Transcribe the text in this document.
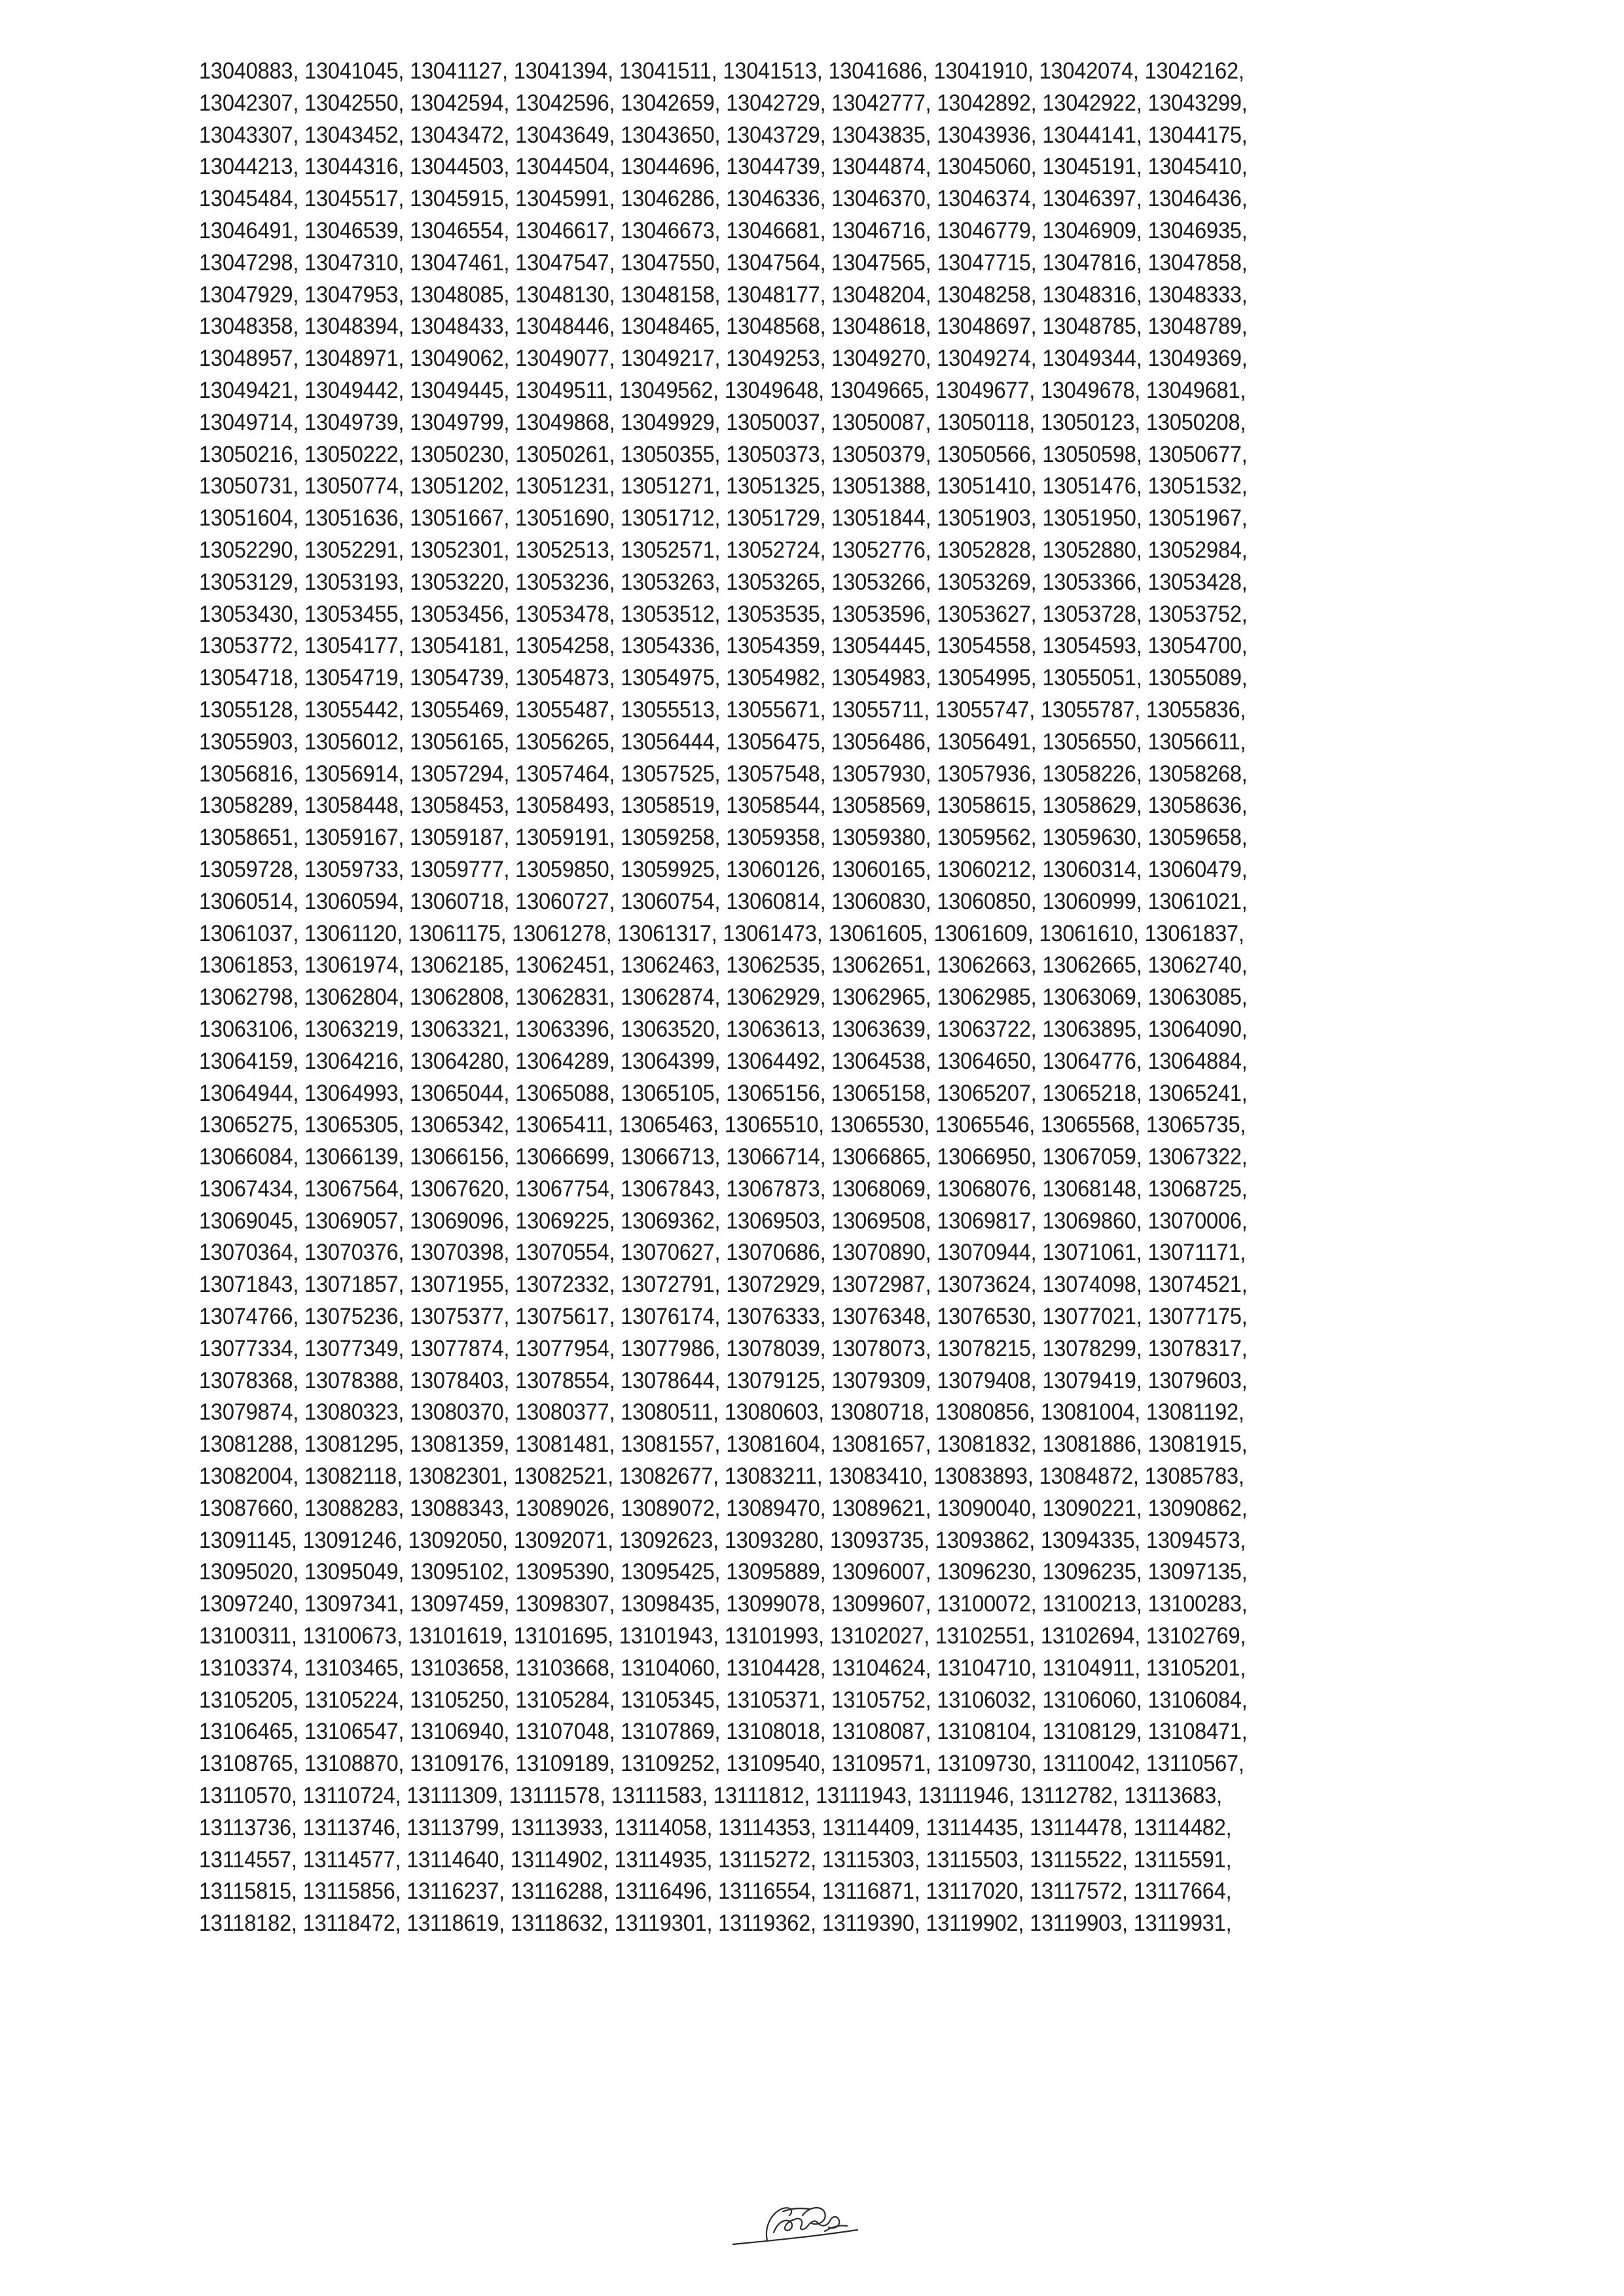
13040883, 13041045, 13041127, 13041394, 13041511, 13041513, 13041686, 13041910, 13042074, 13042162,
13042307, 13042550, 13042594, 13042596, 13042659, 13042729, 13042777, 13042892, 13042922, 13043299,
13043307, 13043452, 13043472, 13043649, 13043650, 13043729, 13043835, 13043936, 13044141, 13044175,
13044213, 13044316, 13044503, 13044504, 13044696, 13044739, 13044874, 13045060, 13045191, 13045410,
13045484, 13045517, 13045915, 13045991, 13046286, 13046336, 13046370, 13046374, 13046397, 13046436,
13046491, 13046539, 13046554, 13046617, 13046673, 13046681, 13046716, 13046779, 13046909, 13046935,
13047298, 13047310, 13047461, 13047547, 13047550, 13047564, 13047565, 13047715, 13047816, 13047858,
13047929, 13047953, 13048085, 13048130, 13048158, 13048177, 13048204, 13048258, 13048316, 13048333,
13048358, 13048394, 13048433, 13048446, 13048465, 13048568, 13048618, 13048697, 13048785, 13048789,
13048957, 13048971, 13049062, 13049077, 13049217, 13049253, 13049270, 13049274, 13049344, 13049369,
13049421, 13049442, 13049445, 13049511, 13049562, 13049648, 13049665, 13049677, 13049678, 13049681,
13049714, 13049739, 13049799, 13049868, 13049929, 13050037, 13050087, 13050118, 13050123, 13050208,
13050216, 13050222, 13050230, 13050261, 13050355, 13050373, 13050379, 13050566, 13050598, 13050677,
13050731, 13050774, 13051202, 13051231, 13051271, 13051325, 13051388, 13051410, 13051476, 13051532,
13051604, 13051636, 13051667, 13051690, 13051712, 13051729, 13051844, 13051903, 13051950, 13051967,
13052290, 13052291, 13052301, 13052513, 13052571, 13052724, 13052776, 13052828, 13052880, 13052984,
13053129, 13053193, 13053220, 13053236, 13053263, 13053265, 13053266, 13053269, 13053366, 13053428,
13053430, 13053455, 13053456, 13053478, 13053512, 13053535, 13053596, 13053627, 13053728, 13053752,
13053772, 13054177, 13054181, 13054258, 13054336, 13054359, 13054445, 13054558, 13054593, 13054700,
13054718, 13054719, 13054739, 13054873, 13054975, 13054982, 13054983, 13054995, 13055051, 13055089,
13055128, 13055442, 13055469, 13055487, 13055513, 13055671, 13055711, 13055747, 13055787, 13055836,
13055903, 13056012, 13056165, 13056265, 13056444, 13056475, 13056486, 13056491, 13056550, 13056611,
13056816, 13056914, 13057294, 13057464, 13057525, 13057548, 13057930, 13057936, 13058226, 13058268,
13058289, 13058448, 13058453, 13058493, 13058519, 13058544, 13058569, 13058615, 13058629, 13058636,
13058651, 13059167, 13059187, 13059191, 13059258, 13059358, 13059380, 13059562, 13059630, 13059658,
13059728, 13059733, 13059777, 13059850, 13059925, 13060126, 13060165, 13060212, 13060314, 13060479,
13060514, 13060594, 13060718, 13060727, 13060754, 13060814, 13060830, 13060850, 13060999, 13061021,
13061037, 13061120, 13061175, 13061278, 13061317, 13061473, 13061605, 13061609, 13061610, 13061837,
13061853, 13061974, 13062185, 13062451, 13062463, 13062535, 13062651, 13062663, 13062665, 13062740,
13062798, 13062804, 13062808, 13062831, 13062874, 13062929, 13062965, 13062985, 13063069, 13063085,
13063106, 13063219, 13063321, 13063396, 13063520, 13063613, 13063639, 13063722, 13063895, 13064090,
13064159, 13064216, 13064280, 13064289, 13064399, 13064492, 13064538, 13064650, 13064776, 13064884,
13064944, 13064993, 13065044, 13065088, 13065105, 13065156, 13065158, 13065207, 13065218, 13065241,
13065275, 13065305, 13065342, 13065411, 13065463, 13065510, 13065530, 13065546, 13065568, 13065735,
13066084, 13066139, 13066156, 13066699, 13066713, 13066714, 13066865, 13066950, 13067059, 13067322,
13067434, 13067564, 13067620, 13067754, 13067843, 13067873, 13068069, 13068076, 13068148, 13068725,
13069045, 13069057, 13069096, 13069225, 13069362, 13069503, 13069508, 13069817, 13069860, 13070006,
13070364, 13070376, 13070398, 13070554, 13070627, 13070686, 13070890, 13070944, 13071061, 13071171,
13071843, 13071857, 13071955, 13072332, 13072791, 13072929, 13072987, 13073624, 13074098, 13074521,
13074766, 13075236, 13075377, 13075617, 13076174, 13076333, 13076348, 13076530, 13077021, 13077175,
13077334, 13077349, 13077874, 13077954, 13077986, 13078039, 13078073, 13078215, 13078299, 13078317,
13078368, 13078388, 13078403, 13078554, 13078644, 13079125, 13079309, 13079408, 13079419, 13079603,
13079874, 13080323, 13080370, 13080377, 13080511, 13080603, 13080718, 13080856, 13081004, 13081192,
13081288, 13081295, 13081359, 13081481, 13081557, 13081604, 13081657, 13081832, 13081886, 13081915,
13082004, 13082118, 13082301, 13082521, 13082677, 13083211, 13083410, 13083893, 13084872, 13085783,
13087660, 13088283, 13088343, 13089026, 13089072, 13089470, 13089621, 13090040, 13090221, 13090862,
13091145, 13091246, 13092050, 13092071, 13092623, 13093280, 13093735, 13093862, 13094335, 13094573,
13095020, 13095049, 13095102, 13095390, 13095425, 13095889, 13096007, 13096230, 13096235, 13097135,
13097240, 13097341, 13097459, 13098307, 13098435, 13099078, 13099607, 13100072, 13100213, 13100283,
13100311, 13100673, 13101619, 13101695, 13101943, 13101993, 13102027, 13102551, 13102694, 13102769,
13103374, 13103465, 13103658, 13103668, 13104060, 13104428, 13104624, 13104710, 13104911, 13105201,
13105205, 13105224, 13105250, 13105284, 13105345, 13105371, 13105752, 13106032, 13106060, 13106084,
13106465, 13106547, 13106940, 13107048, 13107869, 13108018, 13108087, 13108104, 13108129, 13108471,
13108765, 13108870, 13109176, 13109189, 13109252, 13109540, 13109571, 13109730, 13110042, 13110567,
13110570, 13110724, 13111309, 13111578, 13111583, 13111812, 13111943, 13111946, 13112782, 13113683,
13113736, 13113746, 13113799, 13113933, 13114058, 13114353, 13114409, 13114435, 13114478, 13114482,
13114557, 13114577, 13114640, 13114902, 13114935, 13115272, 13115303, 13115503, 13115522, 13115591,
13115815, 13115856, 13116237, 13116288, 13116496, 13116554, 13116871, 13117020, 13117572, 13117664,
13118182, 13118472, 13118619, 13118632, 13119301, 13119362, 13119390, 13119902, 13119903, 13119931,
